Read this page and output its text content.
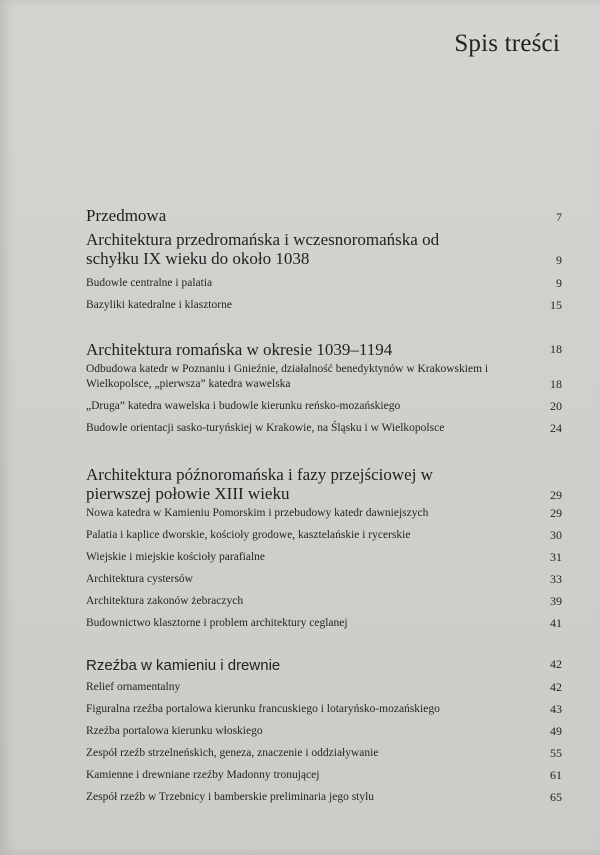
Spis treści
Przedmowa	7
Architektura przedromańska i wczesnoromańska od schyłku IX wieku do około 1038	9
Budowle centralne i palatia	9
Bazyliki katedralne i klasztorne	15
Architektura romańska w okresie 1039–1194	18
Odbudowa katedr w Poznaniu i Gnieźnie, działalność benedyktynów w Krakowskiem i Wielkopolsce, „pierwsza” katedra wawelska	18
„Druga” katedra wawelska i budowle kierunku reńsko-mozańskiego	20
Budowle orientacji sasko-turyńskiej w Krakowie, na Śląsku i w Wielkopolsce	24
Architektura późnoromańska i fazy przejściowej w pierwszej połowie XIII wieku	29
Nowa katedra w Kamieniu Pomorskim i przebudowy katedr dawniejszych	29
Palatia i kaplice dworskie, kościoły grodowe, kasztelańskie i rycerskie	30
Wiejskie i miejskie kościoły parafialne	31
Architektura cystersów	33
Architektura zakonów żebraczych	39
Budownictwo klasztorne i problem architektury ceglanej	41
Rzeźba w kamieniu i drewnie	42
Relief ornamentalny	42
Figuralna rzeźba portalowa kierunku francuskiego i lotaryńsko-mozańskiego	43
Rzeźba portalowa kierunku włoskiego	49
Zespół rzeźb strzelneńskich, geneza, znaczenie i oddziaływanie	55
Kamienne i drewniane rzeźby Madonny tronującej	61
Zespół rzeźb w Trzebnicy i bamberskie preliminaria jego stylu	65
